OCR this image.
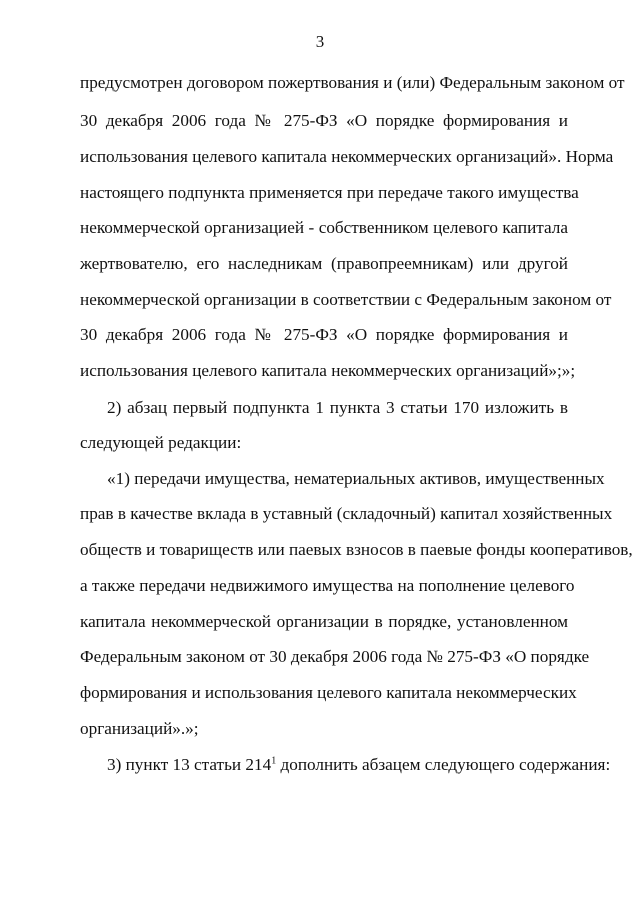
3
предусмотрен договором пожертвования и (или) Федеральным законом от
30 декабря 2006 года № 275-ФЗ «О порядке формирования и
использования целевого капитала некоммерческих организаций». Норма
настоящего подпункта применяется при передаче такого имущества
некоммерческой организацией - собственником целевого капитала
жертвователю, его наследникам (правопреемникам) или другой
некоммерческой организации в соответствии с Федеральным законом от
30 декабря 2006 года № 275-ФЗ «О порядке формирования и
использования целевого капитала некоммерческих организаций»;»;
2) абзац первый подпункта 1 пункта 3 статьи 170 изложить в
следующей редакции:
«1) передачи имущества, нематериальных активов, имущественных
прав в качестве вклада в уставный (складочный) капитал хозяйственных
обществ и товариществ или паевых взносов в паевые фонды кооперативов,
а также передачи недвижимого имущества на пополнение целевого
капитала некоммерческой организации в порядке, установленном
Федеральным законом от 30 декабря 2006 года № 275-ФЗ «О порядке
формирования и использования целевого капитала некоммерческих
организаций».»;
3) пункт 13 статьи $214^1$ дополнить абзацем следующего содержания:
